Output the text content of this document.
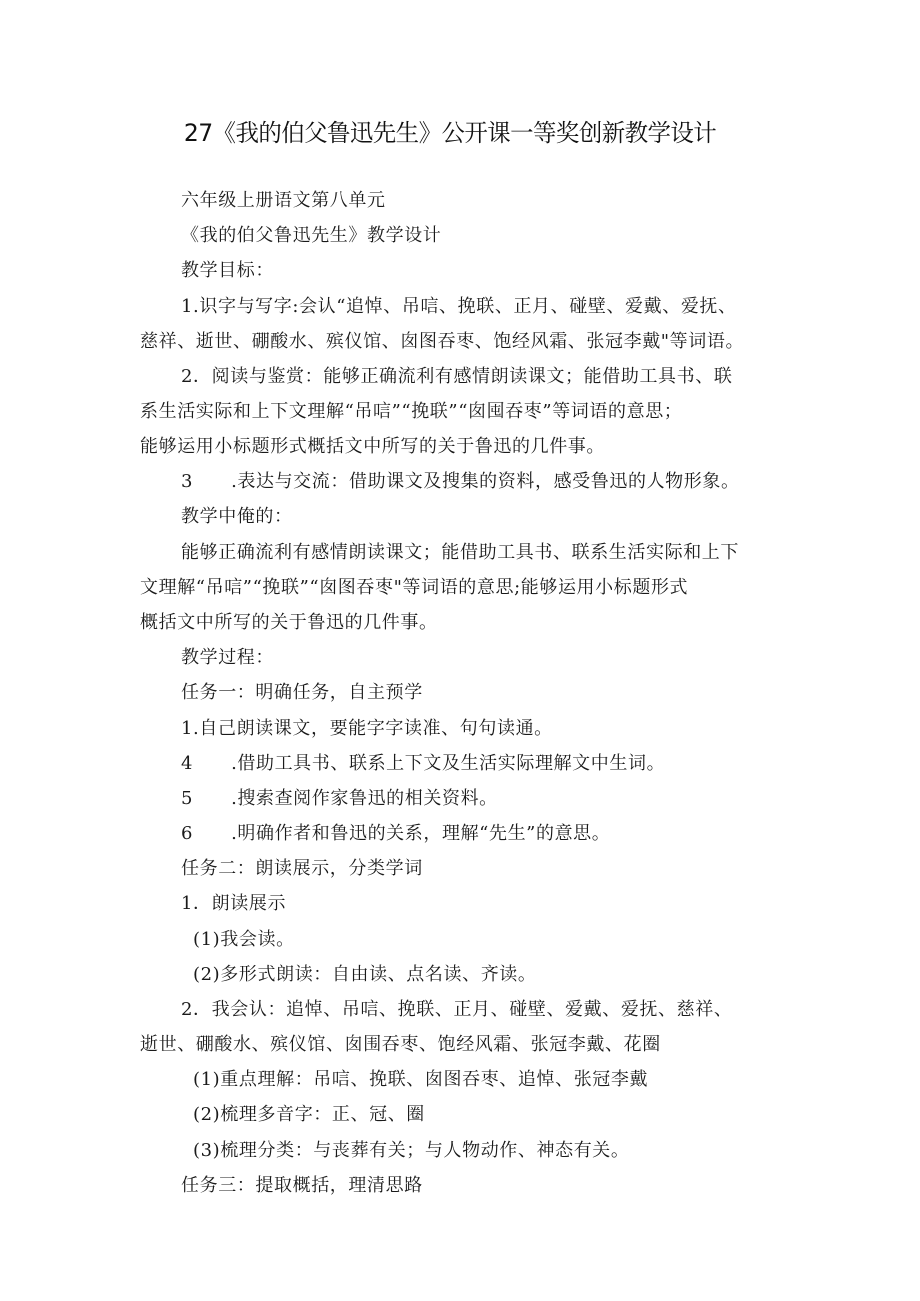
27《我的伯父鲁迅先生》公开课一等奖创新教学设计
六年级上册语文第八单元
《我的伯父鲁迅先生》教学设计
教学目标：
1.识字与写字:会认“追悼、吊唁、挽联、正月、碰壁、爱戴、爱抚、
慈祥、逝世、硼酸水、殡仪馆、囱图吞枣、饱经风霜、张冠李戴"等词语。
2．阅读与鉴赏：能够正确流利有感情朗读课文；能借助工具书、联
系生活实际和上下文理解“吊唁”“挽联”“囱囤吞枣”等词语的意思；
能够运用小标题形式概括文中所写的关于鲁迅的几件事。
3 .表达与交流：借助课文及搜集的资料，感受鲁迅的人物形象。
教学中俺的：
能够正确流利有感情朗读课文；能借助工具书、联系生活实际和上下
文理解“吊唁”“挽联”“囱图吞枣"等词语的意思;能够运用小标题形式
概括文中所写的关于鲁迅的几件事。
教学过程：
任务一：明确任务，自主预学
1.自己朗读课文，要能字字读准、句句读通。
4 .借助工具书、联系上下文及生活实际理解文中生词。
5 .搜索查阅作家鲁迅的相关资料。
6 .明确作者和鲁迅的关系，理解“先生”的意思。
任务二：朗读展示，分类学词
1．朗读展示
(1)我会读。
(2)多形式朗读：自由读、点名读、齐读。
2．我会认：追悼、吊唁、挽联、正月、碰壁、爱戴、爱抚、慈祥、
逝世、硼酸水、殡仪馆、囱围吞枣、饱经风霜、张冠李戴、花圈
(1)重点理解：吊唁、挽联、囱图吞枣、追悼、张冠李戴
(2)梳理多音字：正、冠、圈
(3)梳理分类：与丧葬有关；与人物动作、神态有关。
任务三：提取概括，理清思路
